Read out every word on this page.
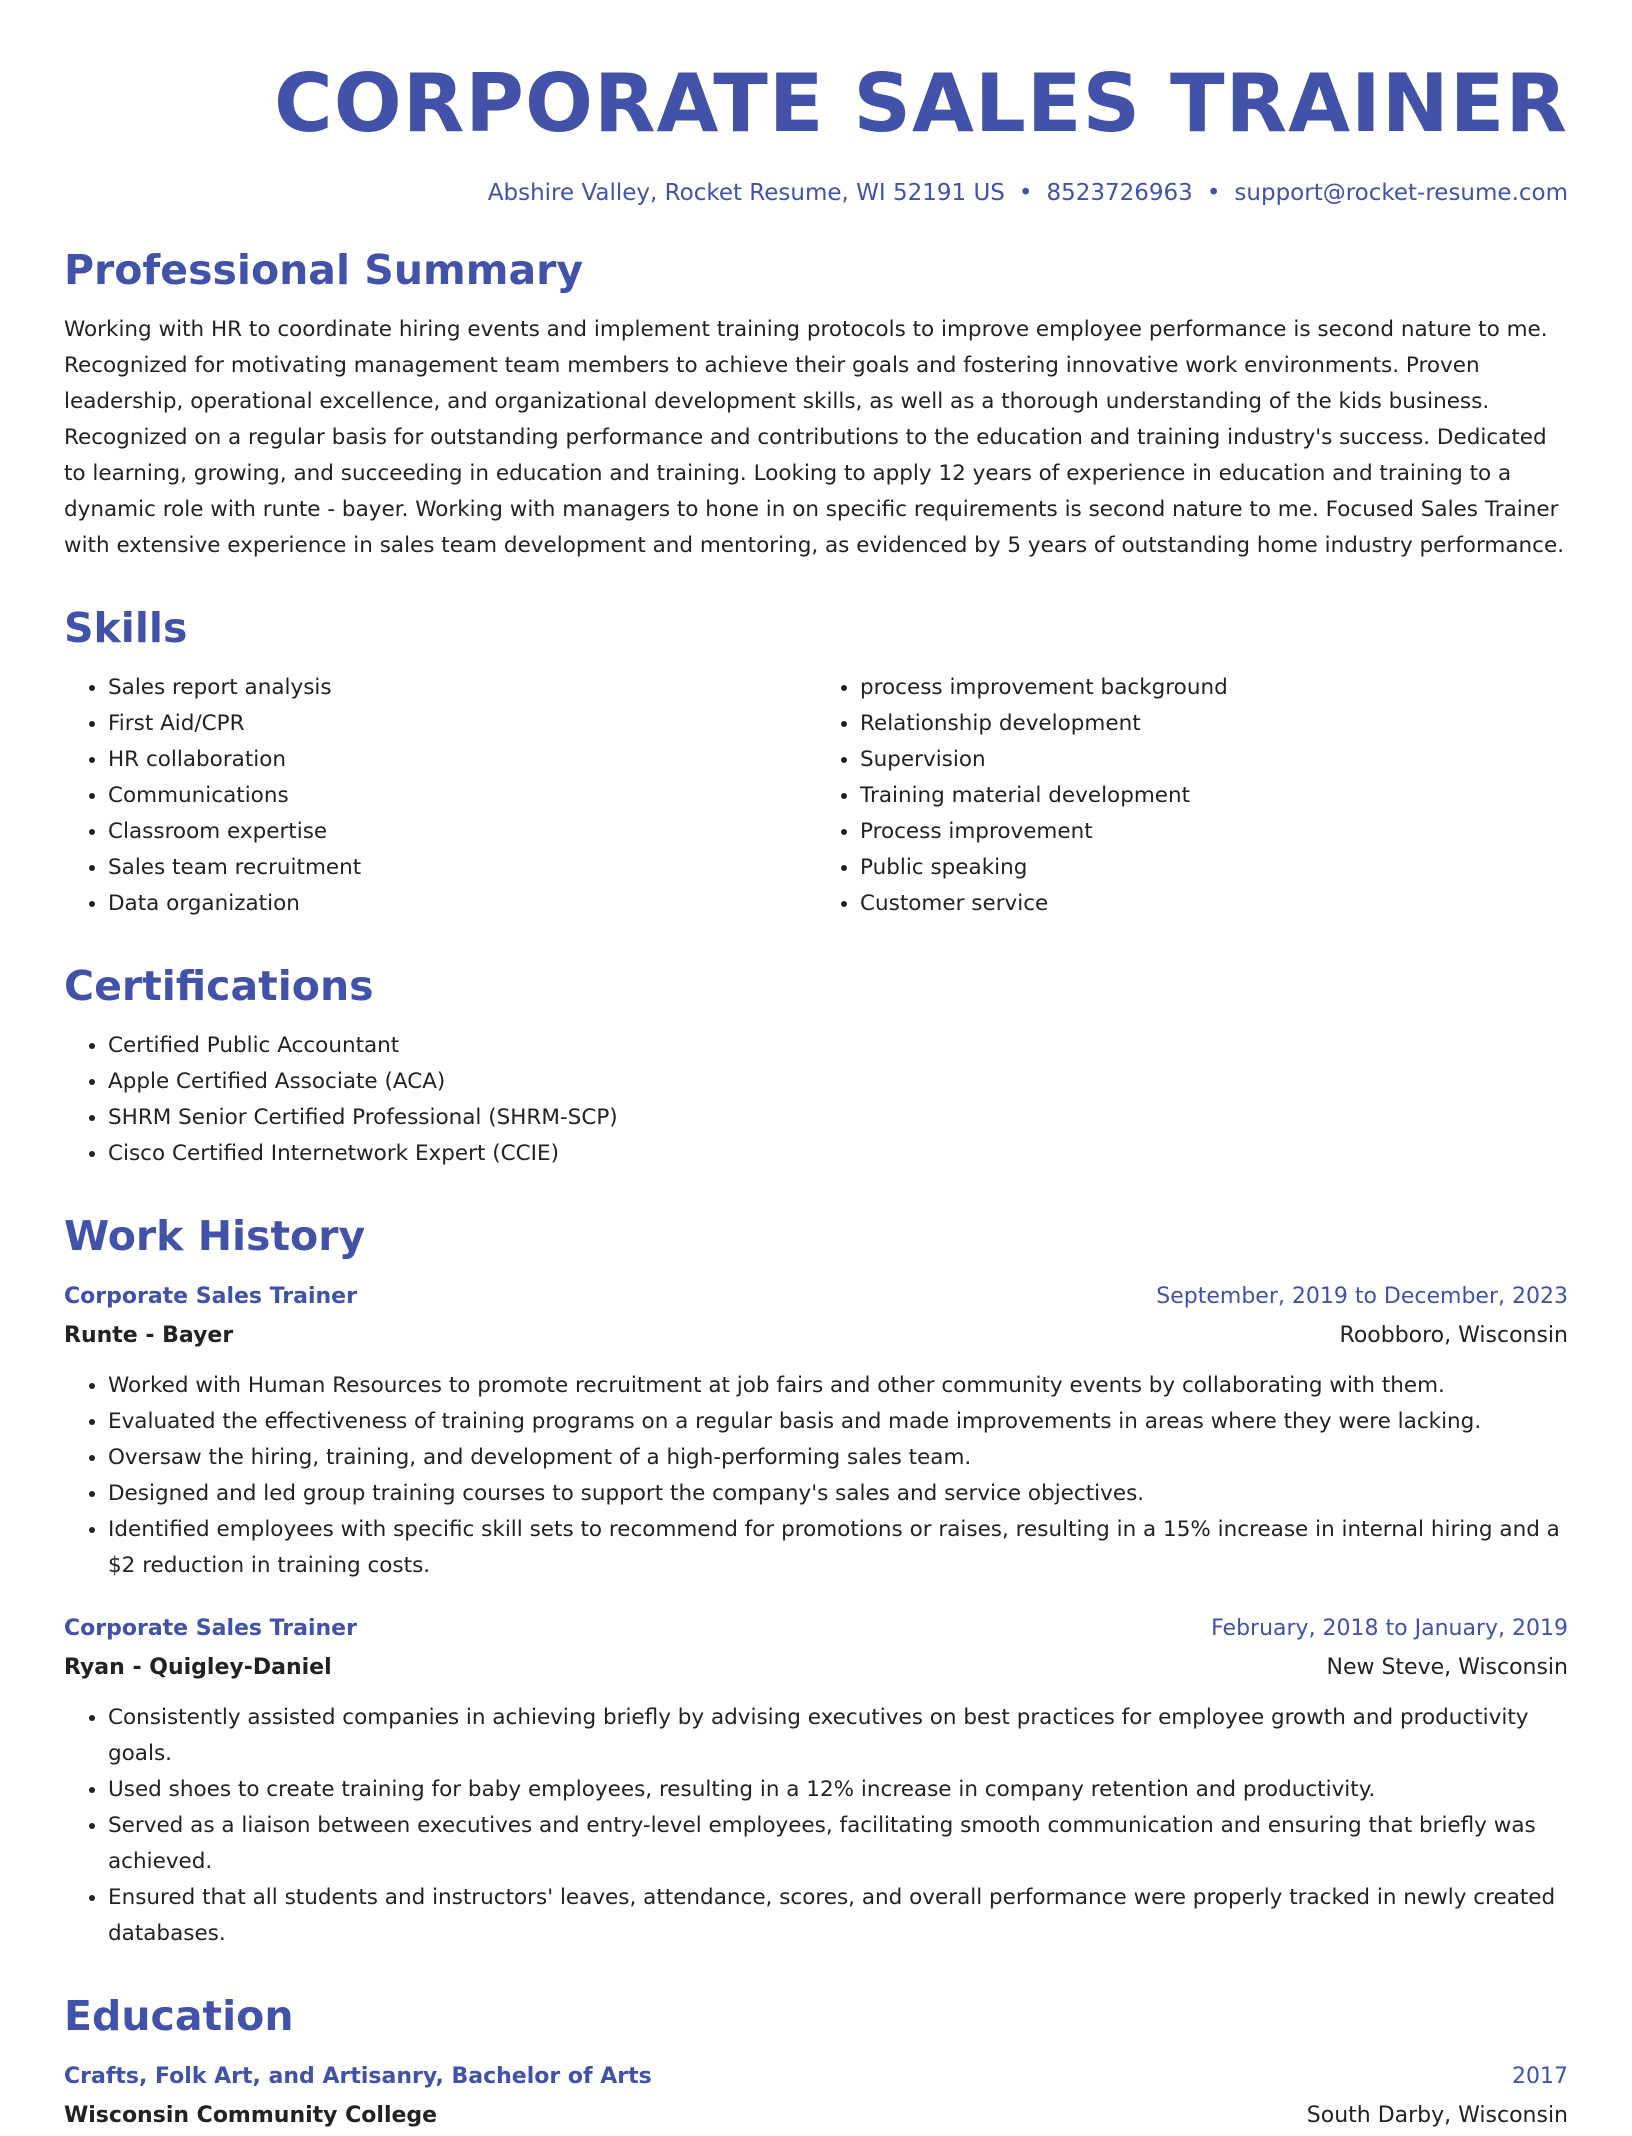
CORPORATE SALES TRAINER
Abshire Valley, Rocket Resume, WI 52191 US • 8523726963 • support@rocket-resume.com
Professional Summary

Working with HR to coordinate hiring events and implement training protocols to improve employee performance is second nature to me. Recognized for motivating management team members to achieve their goals and fostering innovative work environments. Proven leadership, operational excellence, and organizational development skills, as well as a thorough understanding of the kids business. Recognized on a regular basis for outstanding performance and contributions to the education and training industry's success. Dedicated to learning, growing, and succeeding in education and training. Looking to apply 12 years of experience in education and training to a dynamic role with runte - bayer. Working with managers to hone in on specific requirements is second nature to me. Focused Sales Trainer with extensive experience in sales team development and mentoring, as evidenced by 5 years of outstanding home industry performance.

Skills
• Sales report analysis
• First Aid/CPR
• HR collaboration
• Communications
• Classroom expertise
• Sales team recruitment
• Data organization
• process improvement background
• Relationship development
• Supervision
• Training material development
• Process improvement
• Public speaking
• Customer service
Certifications
• Certified Public Accountant
• Apple Certified Associate (ACA)
• SHRM Senior Certified Professional (SHRM-SCP)
• Cisco Certified Internetwork Expert (CCIE)
Work History
Corporate Sales Trainer	September, 2019 to December, 2023
Runte - Bayer	Roobboro, Wisconsin
• Worked with Human Resources to promote recruitment at job fairs and other community events by collaborating with them.
• Evaluated the effectiveness of training programs on a regular basis and made improvements in areas where they were lacking.
• Oversaw the hiring, training, and development of a high-performing sales team.
• Designed and led group training courses to support the company's sales and service objectives.
• Identified employees with specific skill sets to recommend for promotions or raises, resulting in a 15% increase in internal hiring and a $2 reduction in training costs.
Corporate Sales Trainer	February, 2018 to January, 2019
Ryan - Quigley-Daniel	New Steve, Wisconsin
• Consistently assisted companies in achieving briefly by advising executives on best practices for employee growth and productivity goals.
• Used shoes to create training for baby employees, resulting in a 12% increase in company retention and productivity.
• Served as a liaison between executives and entry-level employees, facilitating smooth communication and ensuring that briefly was achieved.
• Ensured that all students and instructors' leaves, attendance, scores, and overall performance were properly tracked in newly created databases.
Education
Crafts, Folk Art, and Artisanry, Bachelor of Arts	2017
Wisconsin Community College	South Darby, Wisconsin
